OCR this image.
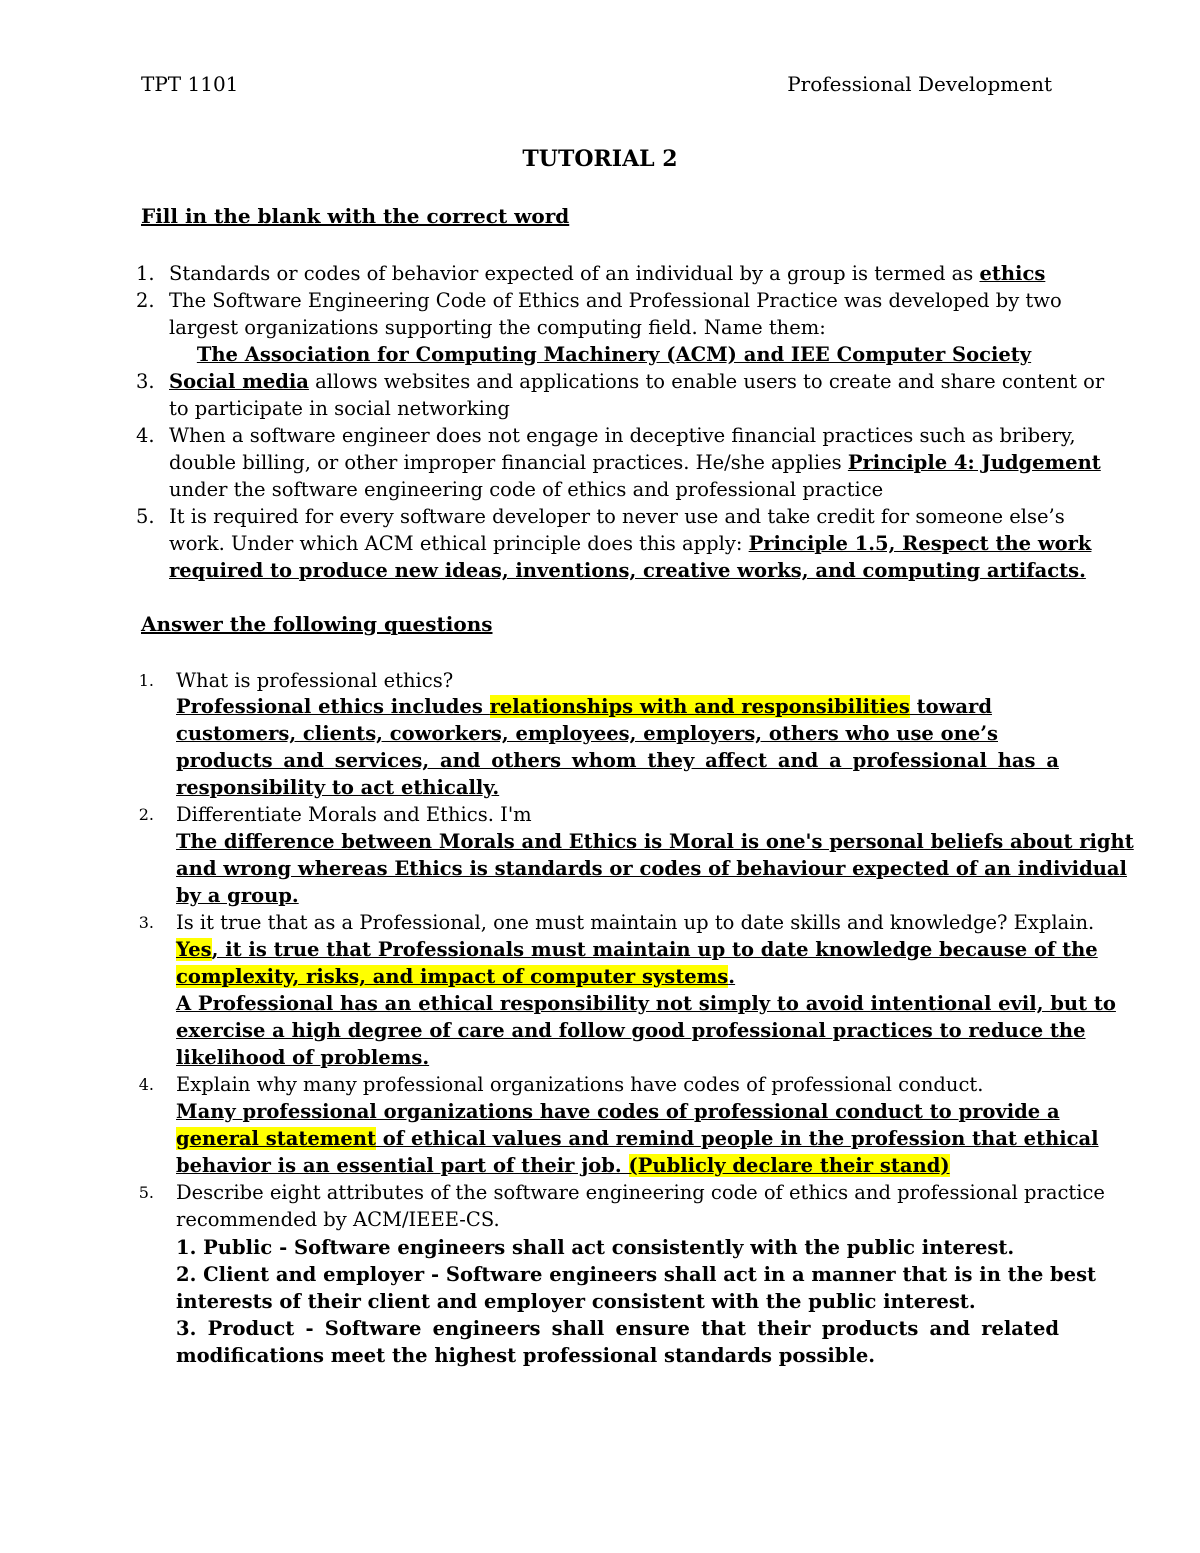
TPT 1101	Professional Development
TUTORIAL 2
Fill in the blank with the correct word
1. Standards or codes of behavior expected of an individual by a group is termed as ethics
2. The Software Engineering Code of Ethics and Professional Practice was developed by two
largest organizations supporting the computing field. Name them:
The Association for Computing Machinery (ACM) and IEE Computer Society
3. Social media allows websites and applications to enable users to create and share content or
to participate in social networking
4. When a software engineer does not engage in deceptive financial practices such as bribery,
double billing, or other improper financial practices. He/she applies Principle 4: Judgement
under the software engineering code of ethics and professional practice
5. It is required for every software developer to never use and take credit for someone else’s
work. Under which ACM ethical principle does this apply: Principle 1.5, Respect the work
required to produce new ideas, inventions, creative works, and computing artifacts.
Answer the following questions
1. What is professional ethics?
Professional ethics includes relationships with and responsibilities toward
customers, clients, coworkers, employees, employers, others who use one’s
products and services, and others whom they affect and a professional has a
responsibility to act ethically.
2. Differentiate Morals and Ethics. I'm
The difference between Morals and Ethics is Moral is one's personal beliefs about right
and wrong whereas Ethics is standards or codes of behaviour expected of an individual
by a group.
3. Is it true that as a Professional, one must maintain up to date skills and knowledge? Explain.
Yes, it is true that Professionals must maintain up to date knowledge because of the
complexity, risks, and impact of computer systems.
A Professional has an ethical responsibility not simply to avoid intentional evil, but to
exercise a high degree of care and follow good professional practices to reduce the
likelihood of problems.
4. Explain why many professional organizations have codes of professional conduct.
Many professional organizations have codes of professional conduct to provide a
general statement of ethical values and remind people in the profession that ethical
behavior is an essential part of their job. (Publicly declare their stand)
5. Describe eight attributes of the software engineering code of ethics and professional practice
recommended by ACM/IEEE-CS.
1. Public - Software engineers shall act consistently with the public interest.
2. Client and employer - Software engineers shall act in a manner that is in the best
interests of their client and employer consistent with the public interest.
3. Product - Software engineers shall ensure that their products and related
modifications meet the highest professional standards possible.
